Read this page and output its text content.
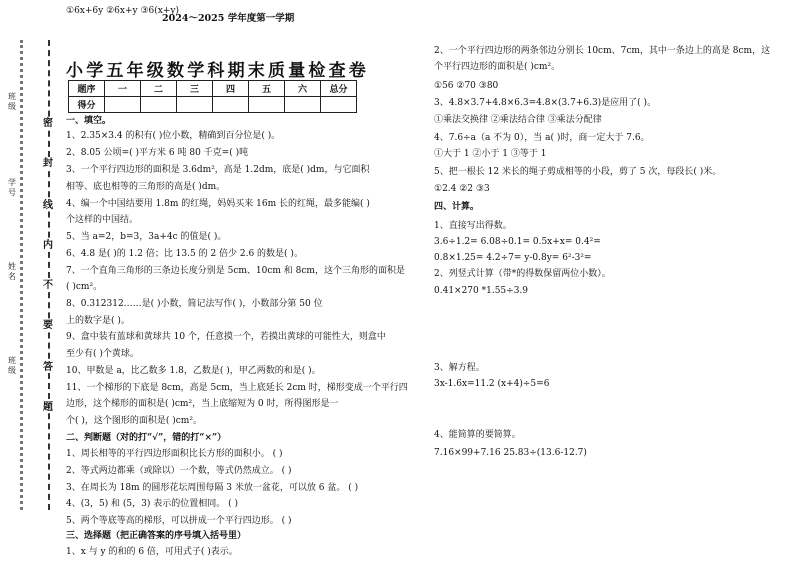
密
封
线
内
不
要
答
题
班级
学号
姓名
班级
2024～2025 学年度第一学期
小学五年级数学科期末质量检查卷
题序	一	二	三	四	五	六	总分
得分							
一、填空。
1、2.35×3.4 的积有( )位小数，精确到百分位是( )。
2、8.05 公顷=( )平方米 6 吨 80 千克=( )吨
3、一个平行四边形的面积是 3.6dm²，高是 1.2dm，底是( )dm，与它面积
相等、底也相等的三角形的高是( )dm。
4、编一个中国结要用 1.8m 的红绳，妈妈买来 16m 长的红绳，最多能编( )
个这样的中国结。
5、当 a=2，b=3，3a+4c 的值是( )。
6、4.8 是( )的 1.2 倍；比 13.5 的 2 倍少 2.6 的数是( )。
7、一个直角三角形的三条边长度分别是 5cm、10cm 和 8cm，这个三角形的面积是
( )cm²。
8、0.312312……是( )小数，简记法写作( )，小数部分第 50 位
上的数字是( )。
9、盒中装有蓝球和黄球共 10 个，任意摸一个，若摸出黄球的可能性大，则盒中
至少有( )个黄球。
10、甲数是 a，比乙数多 1.8，乙数是( )，甲乙两数的和是( )。
11、一个梯形的下底是 8cm，高是 5cm，当上底延长 2cm 时，梯形变成一个平行四
边形，这个梯形的面积是( )cm²，当上底缩短为 0 时，所得图形是一
个( )，这个图形的面积是( )cm²。
二、判断题（对的打“√”，错的打“×”）
1、周长相等的平行四边形面积比长方形的面积小。 ( )
2、等式两边都乘（或除以）一个数，等式仍然成立。 ( )
3、在周长为 18m 的圆形花坛周围每隔 3 米放一盆花，可以放 6 盆。 ( )
4、(3，5) 和 (5，3) 表示的位置相同。 ( )
5、两个等底等高的梯形，可以拼成一个平行四边形。 ( )
三、选择题（把正确答案的序号填入括号里）
1、x 与 y 的和的 6 倍，可用式子( )表示。
①6x+6y ②6x+y ③6(x+y)
2、一个平行四边形的两条邻边分别长 10cm、7cm，其中一条边上的高是 8cm，这
个平行四边形的面积是( )cm²。
①56 ②70 ③80
3、4.8×3.7+4.8×6.3=4.8×(3.7+6.3)是应用了( )。
①乘法交换律 ②乘法结合律 ③乘法分配律
4、7.6÷a（a 不为 0），当 a( )时，商一定大于 7.6。
①大于 1 ②小于 1 ③等于 1
5、把一根长 12 米长的绳子剪成相等的小段，剪了 5 次，每段长( )米。
①2.4 ②2 ③3
四、计算。
1、直接写出得数。
3.6÷1.2= 6.08÷0.1= 0.5x+x= 0.4²=
0.8×1.25= 4.2÷7= y-0.8y= 6²-3²=
2、列竖式计算（带*的得数保留两位小数）。
0.41×270 *1.55÷3.9
3、解方程。
3x-1.6x=11.2 (x+4)÷5=6
4、能简算的要简算。
7.16×99+7.16 25.83÷(13.6-12.7)
